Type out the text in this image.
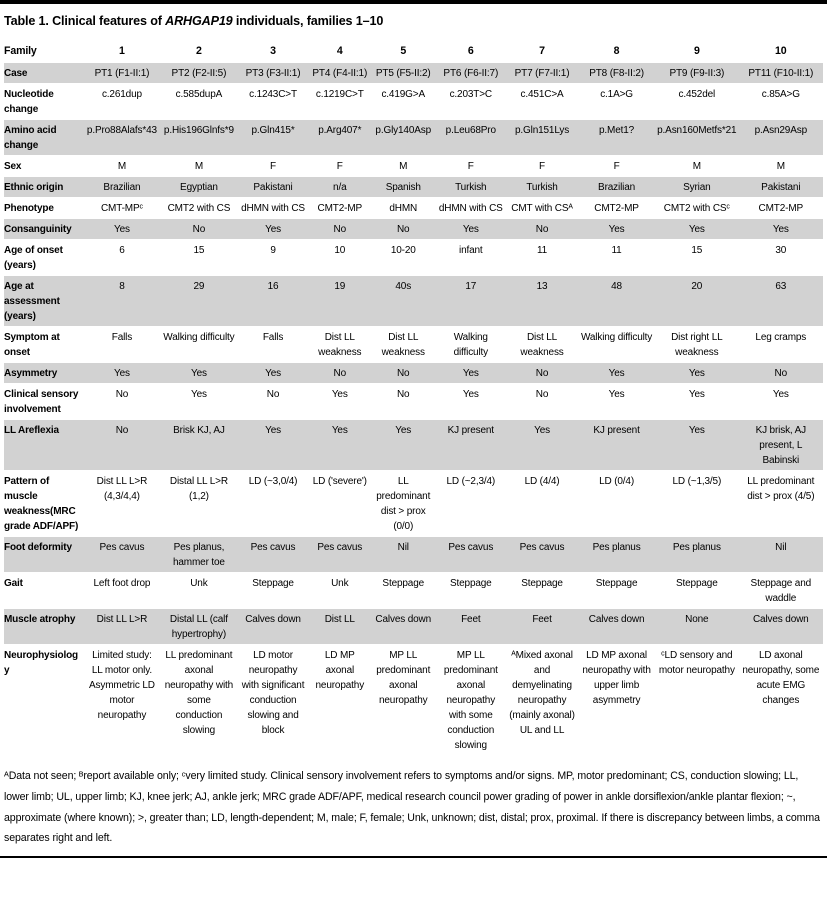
Table 1. Clinical features of ARHGAP19 individuals, families 1–10
Family	1	2	3	4	5	6	7	8	9	10
Case	PT1 (F1-II:1)	PT2 (F2-II:5)	PT3 (F3-II:1)	PT4 (F4-II:1)	PT5 (F5-II:2)	PT6 (F6-II:7)	PT7 (F7-II:1)	PT8 (F8-II:2)	PT9 (F9-II:3)	PT11 (F10-II:1)
Nucleotide change	c.261dup	c.585dupA	c.1243C>T	c.1219C>T	c.419G>A	c.203T>C	c.451C>A	c.1A>G	c.452del	c.85A>G
Amino acid change	p.Pro88Alafs*43	p.His196Glnfs*9	p.Gln415*	p.Arg407*	p.Gly140Asp	p.Leu68Pro	p.Gln151Lys	p.Met1?	p.Asn160Metfs*21	p.Asn29Asp
Sex	M	M	F	F	M	F	F	F	M	M
Ethnic origin	Brazilian	Egyptian	Pakistani	n/a	Spanish	Turkish	Turkish	Brazilian	Syrian	Pakistani
Phenotype	CMT-MPᶜ	CMT2 with CS	dHMN with CS	CMT2-MP	dHMN	dHMN with CS	CMT with CSᴬ	CMT2-MP	CMT2 with CSᶜ	CMT2-MP
Consanguinity	Yes	No	Yes	No	No	Yes	No	Yes	Yes	Yes
Age of onset (years)	6	15	9	10	10-20	infant	11	11	15	30
Age at assessment (years)	8	29	16	19	40s	17	13	48	20	63
Symptom at onset	Falls	Walking difficulty	Falls	Dist LL weakness	Dist LL weakness	Walking difficulty	Dist LL weakness	Walking difficulty	Dist right LL weakness	Leg cramps
Asymmetry	Yes	Yes	Yes	No	No	Yes	No	Yes	Yes	No
Clinical sensory involvement	No	Yes	No	Yes	No	Yes	No	Yes	Yes	Yes
LL Areflexia	No	Brisk KJ, AJ	Yes	Yes	Yes	KJ present	Yes	KJ present	Yes	KJ brisk, AJ present, L Babinski
Pattern of muscle weakness(MRC grade ADF/APF)	Dist LL L>R (4,3/4,4)	Distal LL L>R (1,2)	LD (~3,0/4)	LD ('severe')	LL predominant dist > prox (0/0)	LD (~2,3/4)	LD (4/4)	LD (0/4)	LD (~1,3/5)	LL predominant dist > prox (4/5)
Foot deformity	Pes cavus	Pes planus, hammer toe	Pes cavus	Pes cavus	Nil	Pes cavus	Pes cavus	Pes planus	Pes planus	Nil
Gait	Left foot drop	Unk	Steppage	Unk	Steppage	Steppage	Steppage	Steppage	Steppage	Steppage and waddle
Muscle atrophy	Dist LL L>R	Distal LL (calf hypertrophy)	Calves down	Dist LL	Calves down	Feet	Feet	Calves down	None	Calves down
Neurophysiology	Limited study: LL motor only. Asymmetric LD motor neuropathy	LL predominant axonal neuropathy with some conduction slowing	LD motor neuropathy with significant conduction slowing and block	LD MP axonal neuropathy	MP LL predominant axonal neuropathy	MP LL predominant axonal neuropathy with some conduction slowing	ᴬMixed axonal and demyelinating neuropathy (mainly axonal) UL and LL	LD MP axonal neuropathy with upper limb asymmetry	ᶜLD sensory and motor neuropathy	LD axonal neuropathy, some acute EMG changes
ᴬData not seen; ᴮreport available only; ᶜvery limited study. Clinical sensory involvement refers to symptoms and/or signs. MP, motor predominant; CS, conduction slowing; LL, lower limb; UL, upper limb; KJ, knee jerk; AJ, ankle jerk; MRC grade ADF/APF, medical research council power grading of power in ankle dorsiflexion/ankle plantar flexion; ~, approximate (where known); >, greater than; LD, length-dependent; M, male; F, female; Unk, unknown; dist, distal; prox, proximal. If there is discrepancy between limbs, a comma separates right and left.
